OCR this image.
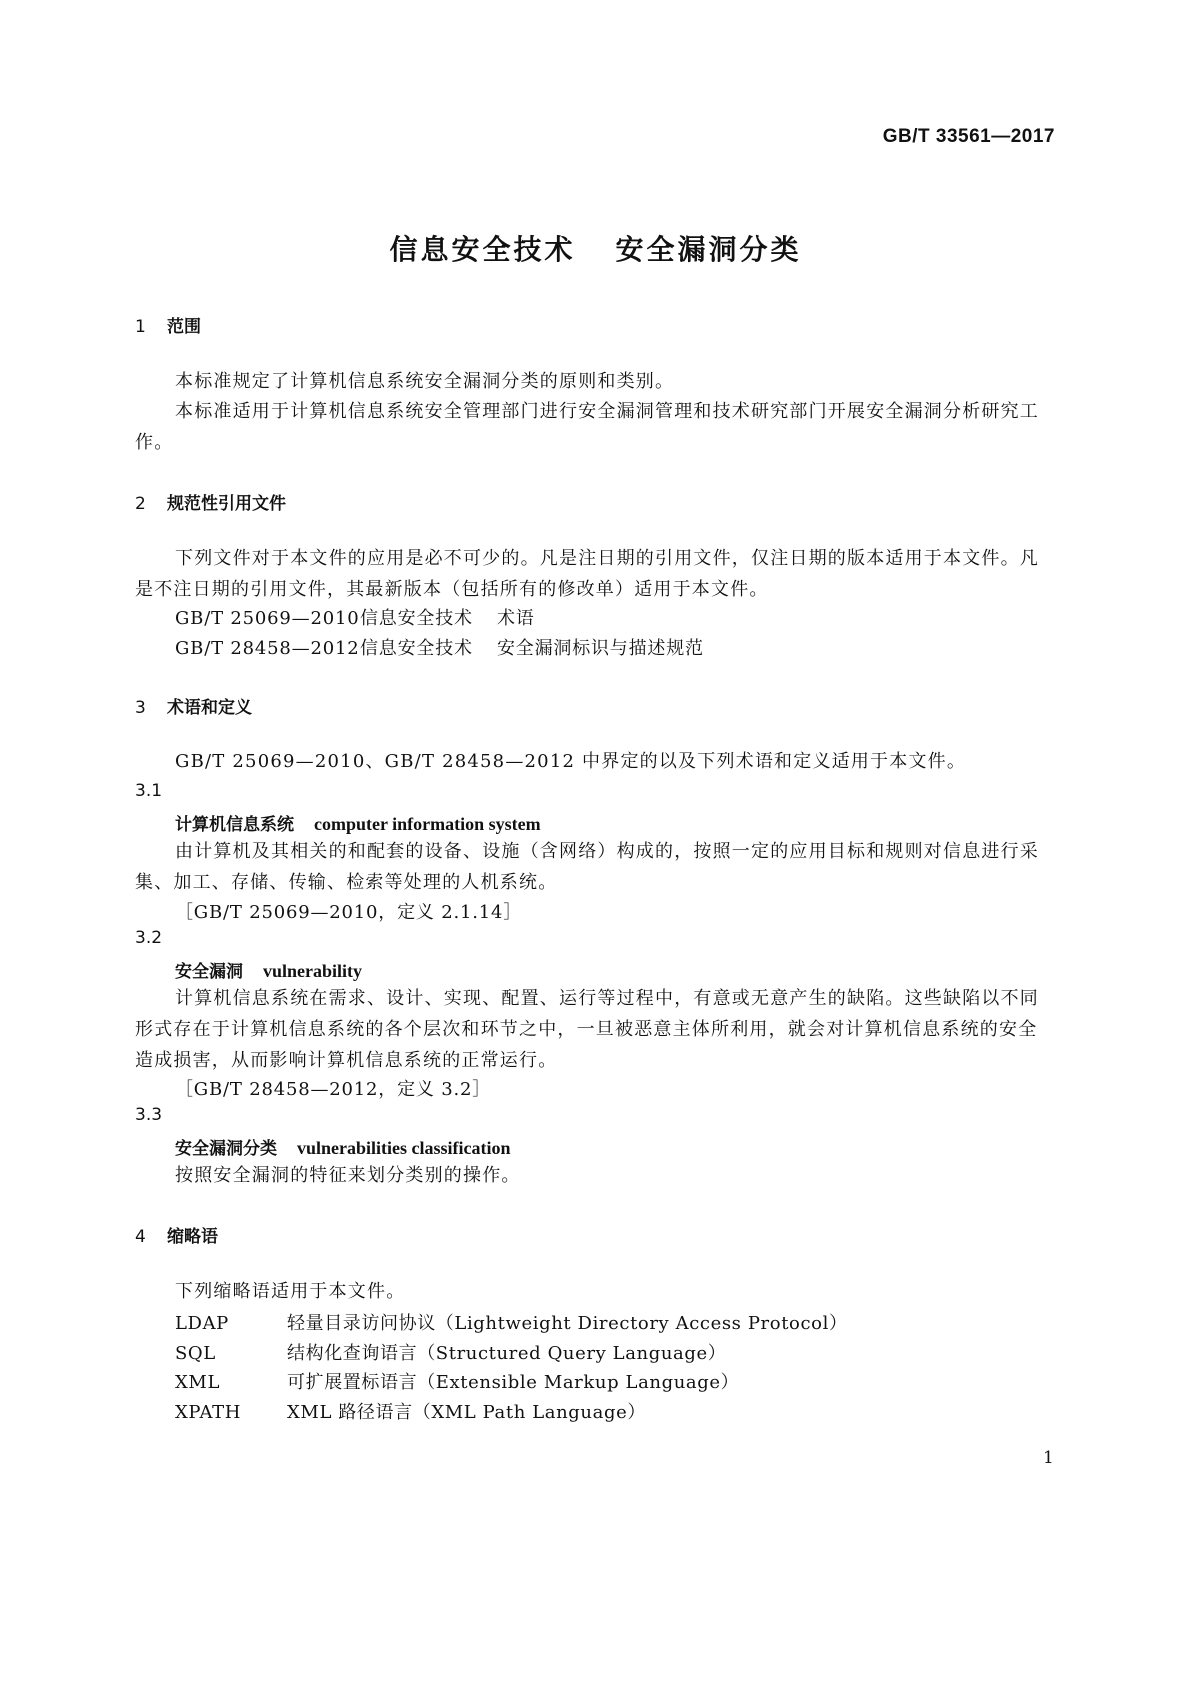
GB/T 33561—2017
信息安全技术 安全漏洞分类
1 范围
本标准规定了计算机信息系统安全漏洞分类的原则和类别。
本标准适用于计算机信息系统安全管理部门进行安全漏洞管理和技术研究部门开展安全漏洞分析研究工作。
2 规范性引用文件
下列文件对于本文件的应用是必不可少的。凡是注日期的引用文件，仅注日期的版本适用于本文件。凡是不注日期的引用文件，其最新版本（包括所有的修改单）适用于本文件。
GB/T 25069—2010信息安全技术 术语
GB/T 28458—2012信息安全技术 安全漏洞标识与描述规范
3 术语和定义
GB/T 25069—2010、GB/T 28458—2012 中界定的以及下列术语和定义适用于本文件。
3.1
计算机信息系统 computer information system
由计算机及其相关的和配套的设备、设施（含网络）构成的，按照一定的应用目标和规则对信息进行采集、加工、存储、传输、检索等处理的人机系统。
［GB/T 25069—2010，定义 2.1.14］
3.2
安全漏洞 vulnerability
计算机信息系统在需求、设计、实现、配置、运行等过程中，有意或无意产生的缺陷。这些缺陷以不同形式存在于计算机信息系统的各个层次和环节之中，一旦被恶意主体所利用，就会对计算机信息系统的安全造成损害，从而影响计算机信息系统的正常运行。
［GB/T 28458—2012，定义 3.2］
3.3
安全漏洞分类 vulnerabilities classification
按照安全漏洞的特征来划分类别的操作。
4 缩略语
下列缩略语适用于本文件。
LDAP	轻量目录访问协议（Lightweight Directory Access Protocol）
SQL	结构化查询语言（Structured Query Language）
XML	可扩展置标语言（Extensible Markup Language）
XPATH	XML 路径语言（XML Path Language）
1
